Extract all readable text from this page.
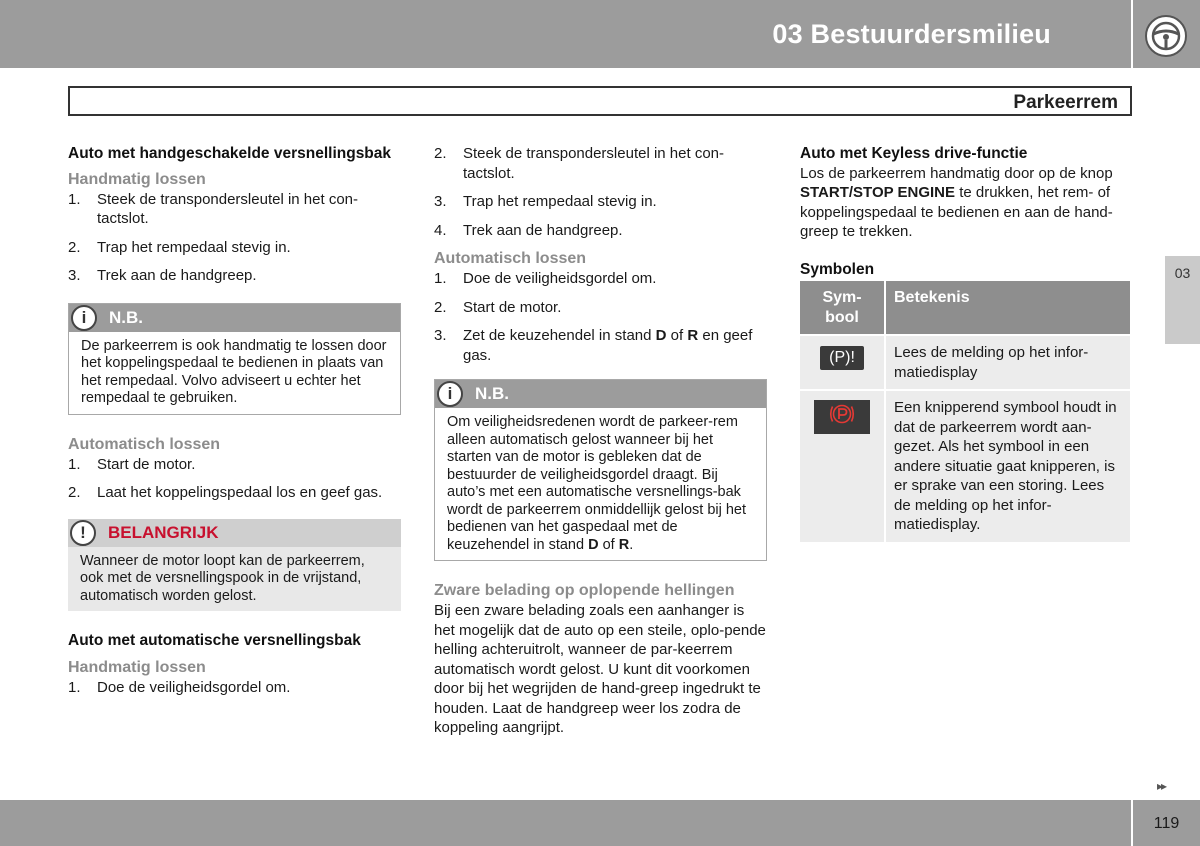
03 Bestuurdersmilieu
Parkeerrem
Auto met handgeschakelde versnellingsbak
Handmatig lossen
1.	Steek de transpondersleutel in het con-tactslot.
2.	Trap het rempedaal stevig in.
3.	Trek aan de handgreep.
i	N.B.
De parkeerrem is ook handmatig te lossen door het koppelingspedaal te bedienen in plaats van het rempedaal. Volvo adviseert u echter het rempedaal te gebruiken.
Automatisch lossen
1.	Start de motor.
2.	Laat het koppelingspedaal los en geef gas.
!	BELANGRIJK
Wanneer de motor loopt kan de parkeerrem, ook met de versnellingspook in de vrijstand, automatisch worden gelost.
Auto met automatische versnellingsbak
Handmatig lossen
1.	Doe de veiligheidsgordel om.
2.	Steek de transpondersleutel in het con-tactslot.
3.	Trap het rempedaal stevig in.
4.	Trek aan de handgreep.
Automatisch lossen
1.	Doe de veiligheidsgordel om.
2.	Start de motor.
3.	Zet de keuzehendel in stand D of R en geef gas.
i	N.B.
Om veiligheidsredenen wordt de parkeer-rem alleen automatisch gelost wanneer bij het starten van de motor is gebleken dat de bestuurder de veiligheidsgordel draagt. Bij auto’s met een automatische versnellings-bak wordt de parkeerrem onmiddellijk gelost bij het bedienen van het gaspedaal met de keuzehendel in stand D of R.
Zware belading op oplopende hellingen

Bij een zware belading zoals een aanhanger is het mogelijk dat de auto op een steile, oplo-pende helling achteruitrolt, wanneer de par-keerrem automatisch wordt gelost. U kunt dit voorkomen door bij het wegrijden de hand-greep ingedrukt te houden. Laat de handgreep weer los zodra de koppeling aangrijpt.

Auto met Keyless drive-functie

Los de parkeerrem handmatig door op de knop START/STOP ENGINE te drukken, het rem- of koppelingspedaal te bedienen en aan de hand-greep te trekken.

Symbolen
Sym-bool	Betekenis
(P)!	Lees de melding op het infor-matiedisplay
	Een knipperend symbool houdt in dat de parkeerrem wordt aan-gezet. Als het symbool in een andere situatie gaat knipperen, is er sprake van een storing. Lees de melding op het infor-matiedisplay.
03
▸▸
119
